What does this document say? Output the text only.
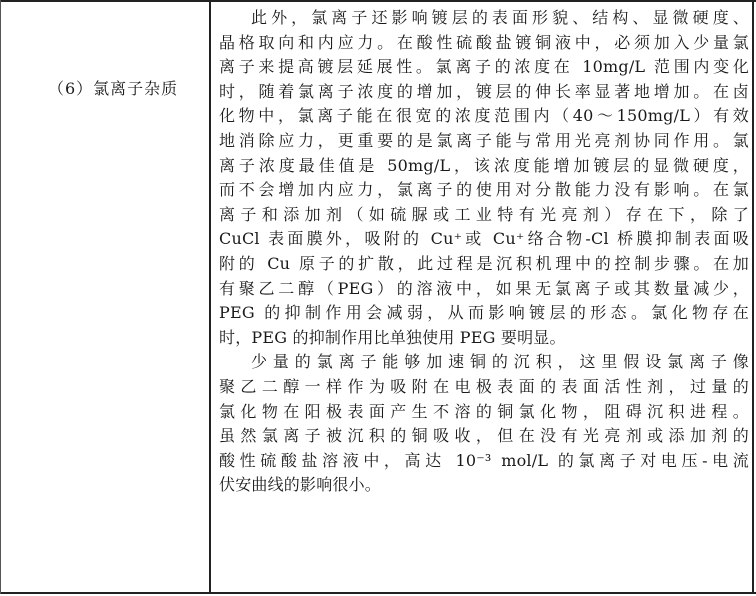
（6）氯离子杂质
此外，氯离子还影响镀层的表面形貌、结构、显微硬度、
晶格取向和内应力。在酸性硫酸盐镀铜液中，必须加入少量氯
离子来提高镀层延展性。氯离子的浓度在 10mg/L 范围内变化
时，随着氯离子浓度的增加，镀层的伸长率显著地增加。在卤
化物中，氯离子能在很宽的浓度范围内（40～150mg/L）有效
地消除应力，更重要的是氯离子能与常用光亮剂协同作用。氯
离子浓度最佳值是 50mg/L，该浓度能增加镀层的显微硬度，
而不会增加内应力，氯离子的使用对分散能力没有影响。在氯
离子和添加剂（如硫脲或工业特有光亮剂）存在下，除了
CuCl 表面膜外，吸附的 Cu⁺或 Cu⁺络合物-Cl 桥膜抑制表面吸
附的 Cu 原子的扩散，此过程是沉积机理中的控制步骤。在加
有聚乙二醇（PEG）的溶液中，如果无氯离子或其数量减少，
PEG 的抑制作用会减弱，从而影响镀层的形态。氯化物存在
时，PEG 的抑制作用比单独使用 PEG 要明显。
少量的氯离子能够加速铜的沉积，这里假设氯离子像
聚乙二醇一样作为吸附在电极表面的表面活性剂，过量的
氯化物在阳极表面产生不溶的铜氯化物，阻碍沉积进程。
虽然氯离子被沉积的铜吸收，但在没有光亮剂或添加剂的
酸性硫酸盐溶液中，高达 10⁻³ mol/L 的氯离子对电压-电流
伏安曲线的影响很小。
